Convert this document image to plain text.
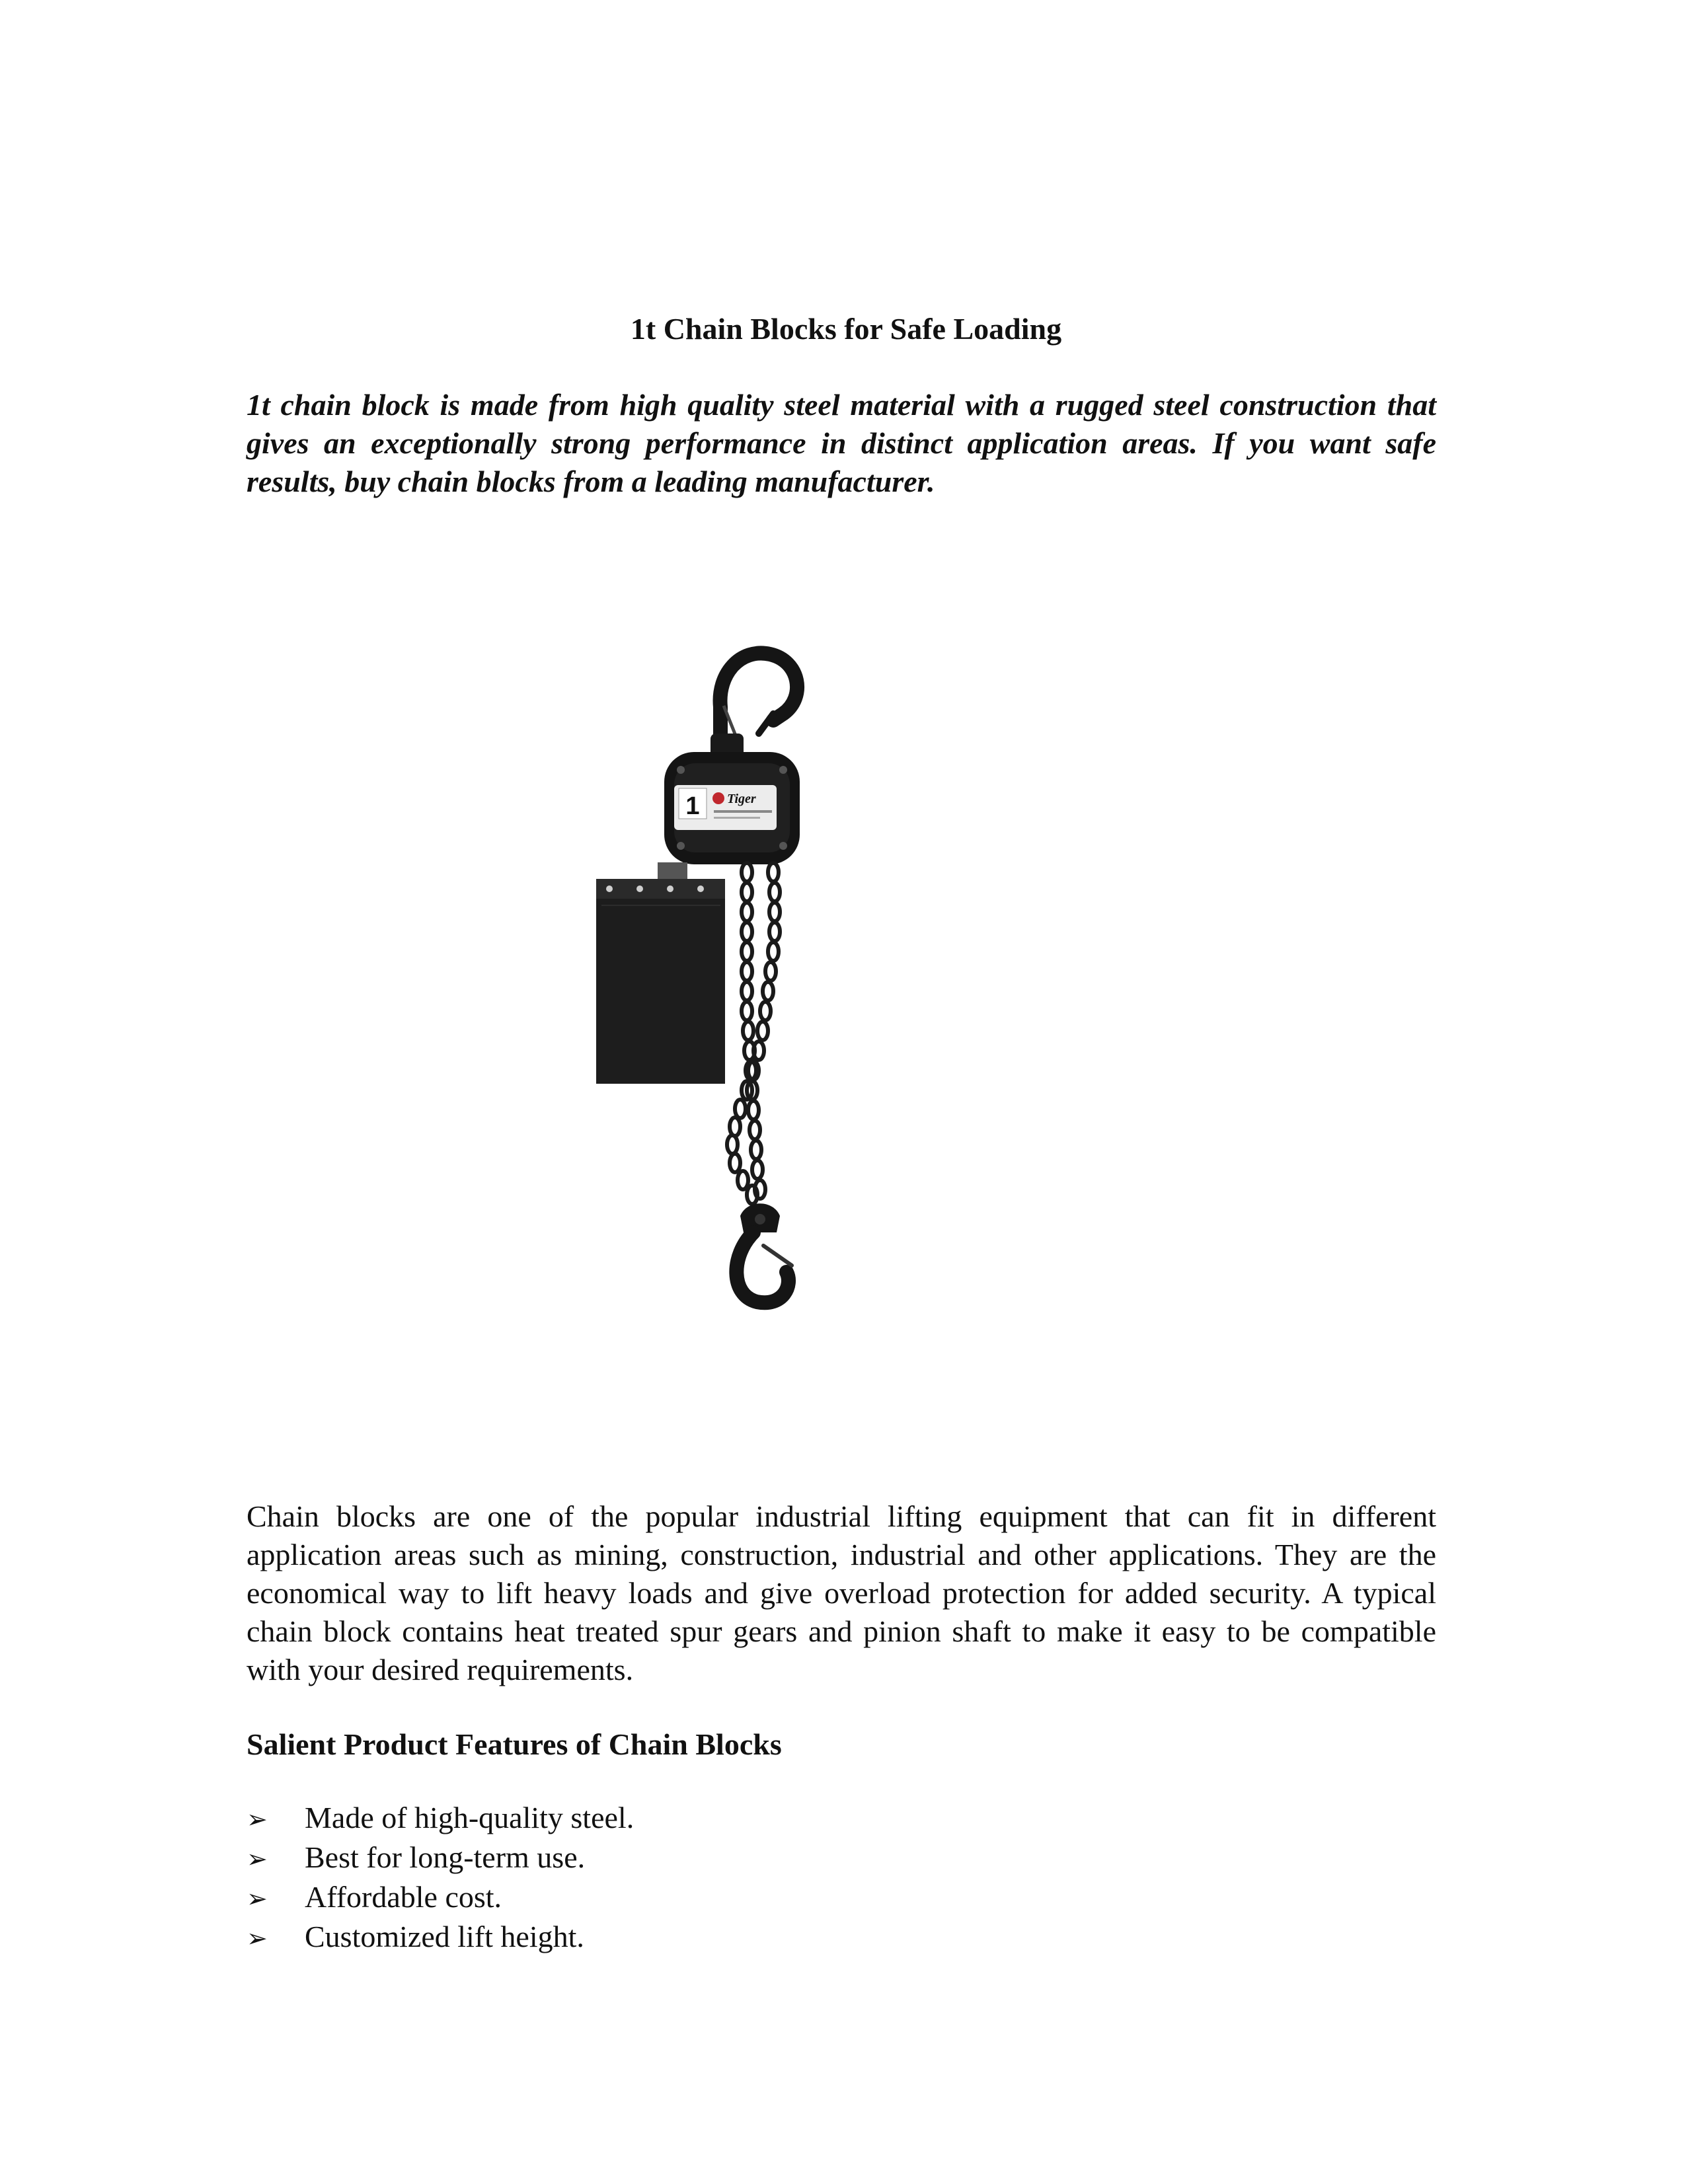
1t Chain Blocks for Safe Loading

1t chain block is made from high quality steel material with a rugged steel construction that gives an exceptionally strong performance in distinct application areas. If you want safe results, buy chain blocks from a leading manufacturer.

1 Tiger

Chain blocks are one of the popular industrial lifting equipment that can fit in different application areas such as mining, construction, industrial and other applications. They are the economical way to lift heavy loads and give overload protection for added security. A typical chain block contains heat treated spur gears and pinion shaft to make it easy to be compatible with your desired requirements.

Salient Product Features of Chain Blocks
➢	Made of high-quality steel.
➢	Best for long-term use.
➢	Affordable cost.
➢	Customized lift height.
